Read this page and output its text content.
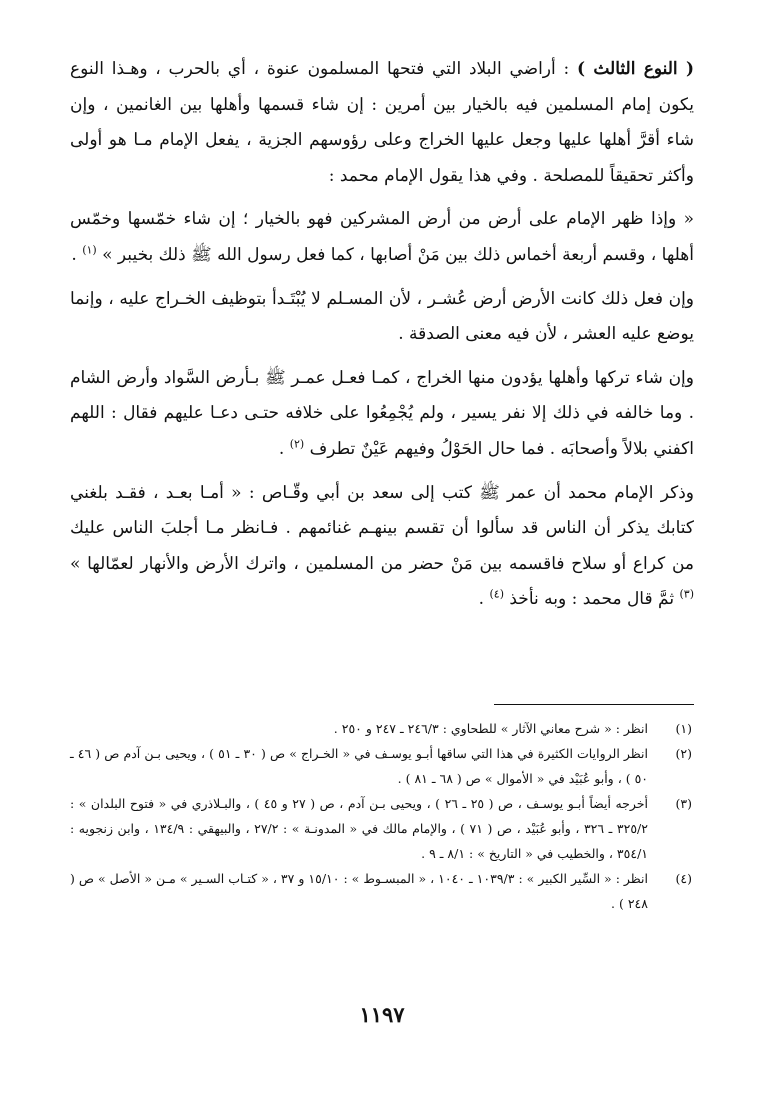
( النوع الثالث ) : أراضي البلاد التي فتحها المسلمون عنوة ، أي بالحرب ، وهـذا النوع يكون إمام المسلمين فيه بالخيار بين أمرين : إن شاء قسمها وأهلها بين الغانمين ، وإن شاء أقرَّ أهلها عليها وجعل عليها الخراج وعلى رؤوسهم الجزية ، يفعل الإمام مـا هو أولى وأكثر تحقيقاً للمصلحة . وفي هذا يقول الإمام محمد :

« وإذا ظهر الإمام على أرض من أرض المشركين فهو بالخيار ؛ إن شاء خمّسها وخمّس أهلها ، وقسم أربعة أخماس ذلك بين مَنْ أصابها ، كما فعل رسول الله ﷺ ذلك بخيبر » $^{(١)}$ .

وإن فعل ذلك كانت الأرض أرض عُشـر ، لأن المسـلم لا يُبْتَـدأ بتوظيف الخـراج عليه ، وإنما يوضع عليه العشر ، لأن فيه معنى الصدقة .

وإن شاء تركها وأهلها يؤدون منها الخراج ، كمـا فعـل عمـر ﷺ بـأرض السَّواد وأرض الشام . وما خالفه في ذلك إلا نفر يسير ، ولم يُجْمِعُوا على خلافه حتـى دعـا عليهم فقال : اللهم اكفني بلالاً وأصحابَه . فما حال الحَوْلُ وفيهم عَيْنٌ تطرف $^{(٢)}$ .

وذكر الإمام محمد أن عمر ﷺ كتب إلى سعد بن أبي وقّـاص : « أمـا بعـد ، فقـد بلغني كتابك يذكر أن الناس قد سألوا أن تقسم بينهـم غنائمهم . فـانظر مـا أجلبَ الناس عليك من كراع أو سلاح فاقسمه بين مَنْ حضر من المسلمين ، واترك الأرض والأنهار لعمّالها » $^{(٣)}$ ثمَّ قال محمد : وبه نأخذ $^{(٤)}$ .

(١)
انظر : « شرح معاني الآثار » للطحاوي : ٢٤٦/٣ ـ ٢٤٧ و ٢٥٠ .
(٢)
انظر الروايات الكثيرة في هذا التي ساقها أبـو يوسـف في « الخـراج » ص ( ٣٠ ـ ٥١ ) ، ويحيى بـن آدم ص ( ٤٦ ـ ٥٠ ) ، وأبو عُبَيْد في « الأموال » ص ( ٦٨ ـ ٨١ ) .
(٣)
أخرجه أيضاً أبـو يوسـف ، ص ( ٢٥ ـ ٢٦ ) ، ويحيى بـن آدم ، ص ( ٢٧ و ٤٥ ) ، والبـلاذري في « فتوح البلدان » : ٣٢٥/٢ ـ ٣٢٦ ، وأبو عُبَيْد ، ص ( ٧١ ) ، والإمام مالك في « المدونـة » : ٢٧/٢ ، والبيهقي : ١٣٤/٩ ، وابن زنجويه : ٣٥٤/١ ، والخطيب في « التاريخ » : ٨/١ ـ ٩ .
(٤)
انظر : « السِّير الكبير » : ١٠٣٩/٣ ـ ١٠٤٠ ، « المبسـوط » : ١٥/١٠ و ٣٧ ، « كتـاب السـير » مـن « الأصل » ص ( ٢٤٨ ) .
١١٩٧
